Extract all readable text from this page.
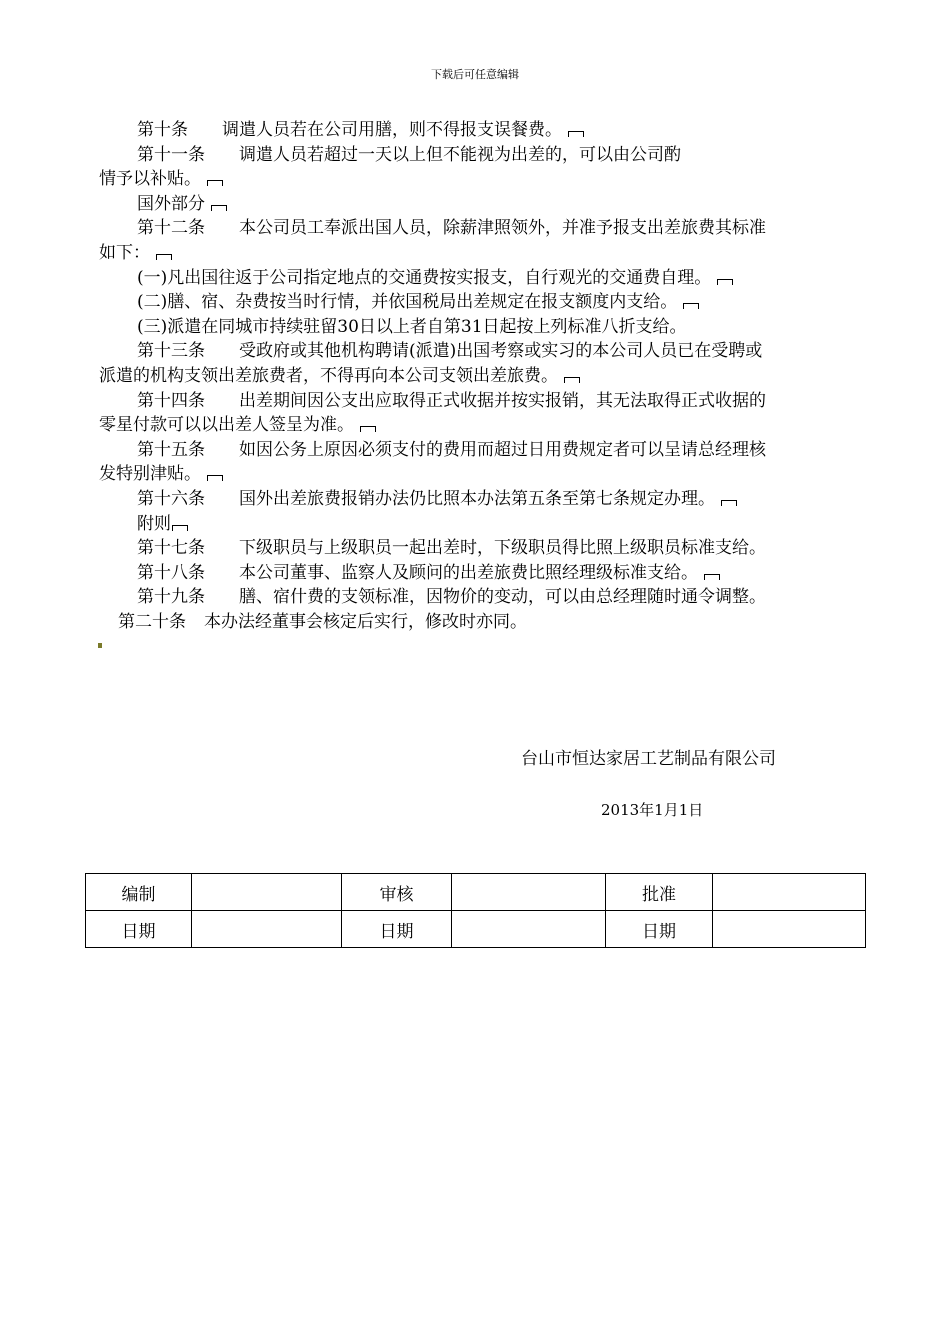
下载后可任意编辑

第十条 调遣人员若在公司用膳，则不得报支误餐费。

第十一条 调遣人员若超过一天以上但不能视为出差的，可以由公司酌

情予以补贴。

国外部分

第十二条 本公司员工奉派出国人员，除薪津照领外，并准予报支出差旅费其标准

如下：

(一)凡出国往返于公司指定地点的交通费按实报支，自行观光的交通费自理。

(二)膳、宿、杂费按当时行情，并依国税局出差规定在报支额度内支给。

(三)派遣在同城市持续驻留30日以上者自第31日起按上列标准八折支给。

第十三条 受政府或其他机构聘请(派遣)出国考察或实习的本公司人员已在受聘或

派遣的机构支领出差旅费者，不得再向本公司支领出差旅费。

第十四条 出差期间因公支出应取得正式收据并按实报销，其无法取得正式收据的

零星付款可以以出差人签呈为准。

第十五条 如因公务上原因必须支付的费用而超过日用费规定者可以呈请总经理核

发特别津贴。

第十六条 国外出差旅费报销办法仍比照本办法第五条至第七条规定办理。

附则

第十七条 下级职员与上级职员一起出差时，下级职员得比照上级职员标准支给。

第十八条 本公司董事、监察人及顾问的出差旅费比照经理级标准支给。

第十九条 膳、宿什费的支领标准，因物价的变动，可以由总经理随时通令调整。

第二十条 本办法经董事会核定后实行，修改时亦同。

台山市恒达家居工艺制品有限公司
2013年1月1日
编制		审核		批准	
日期		日期		日期	
